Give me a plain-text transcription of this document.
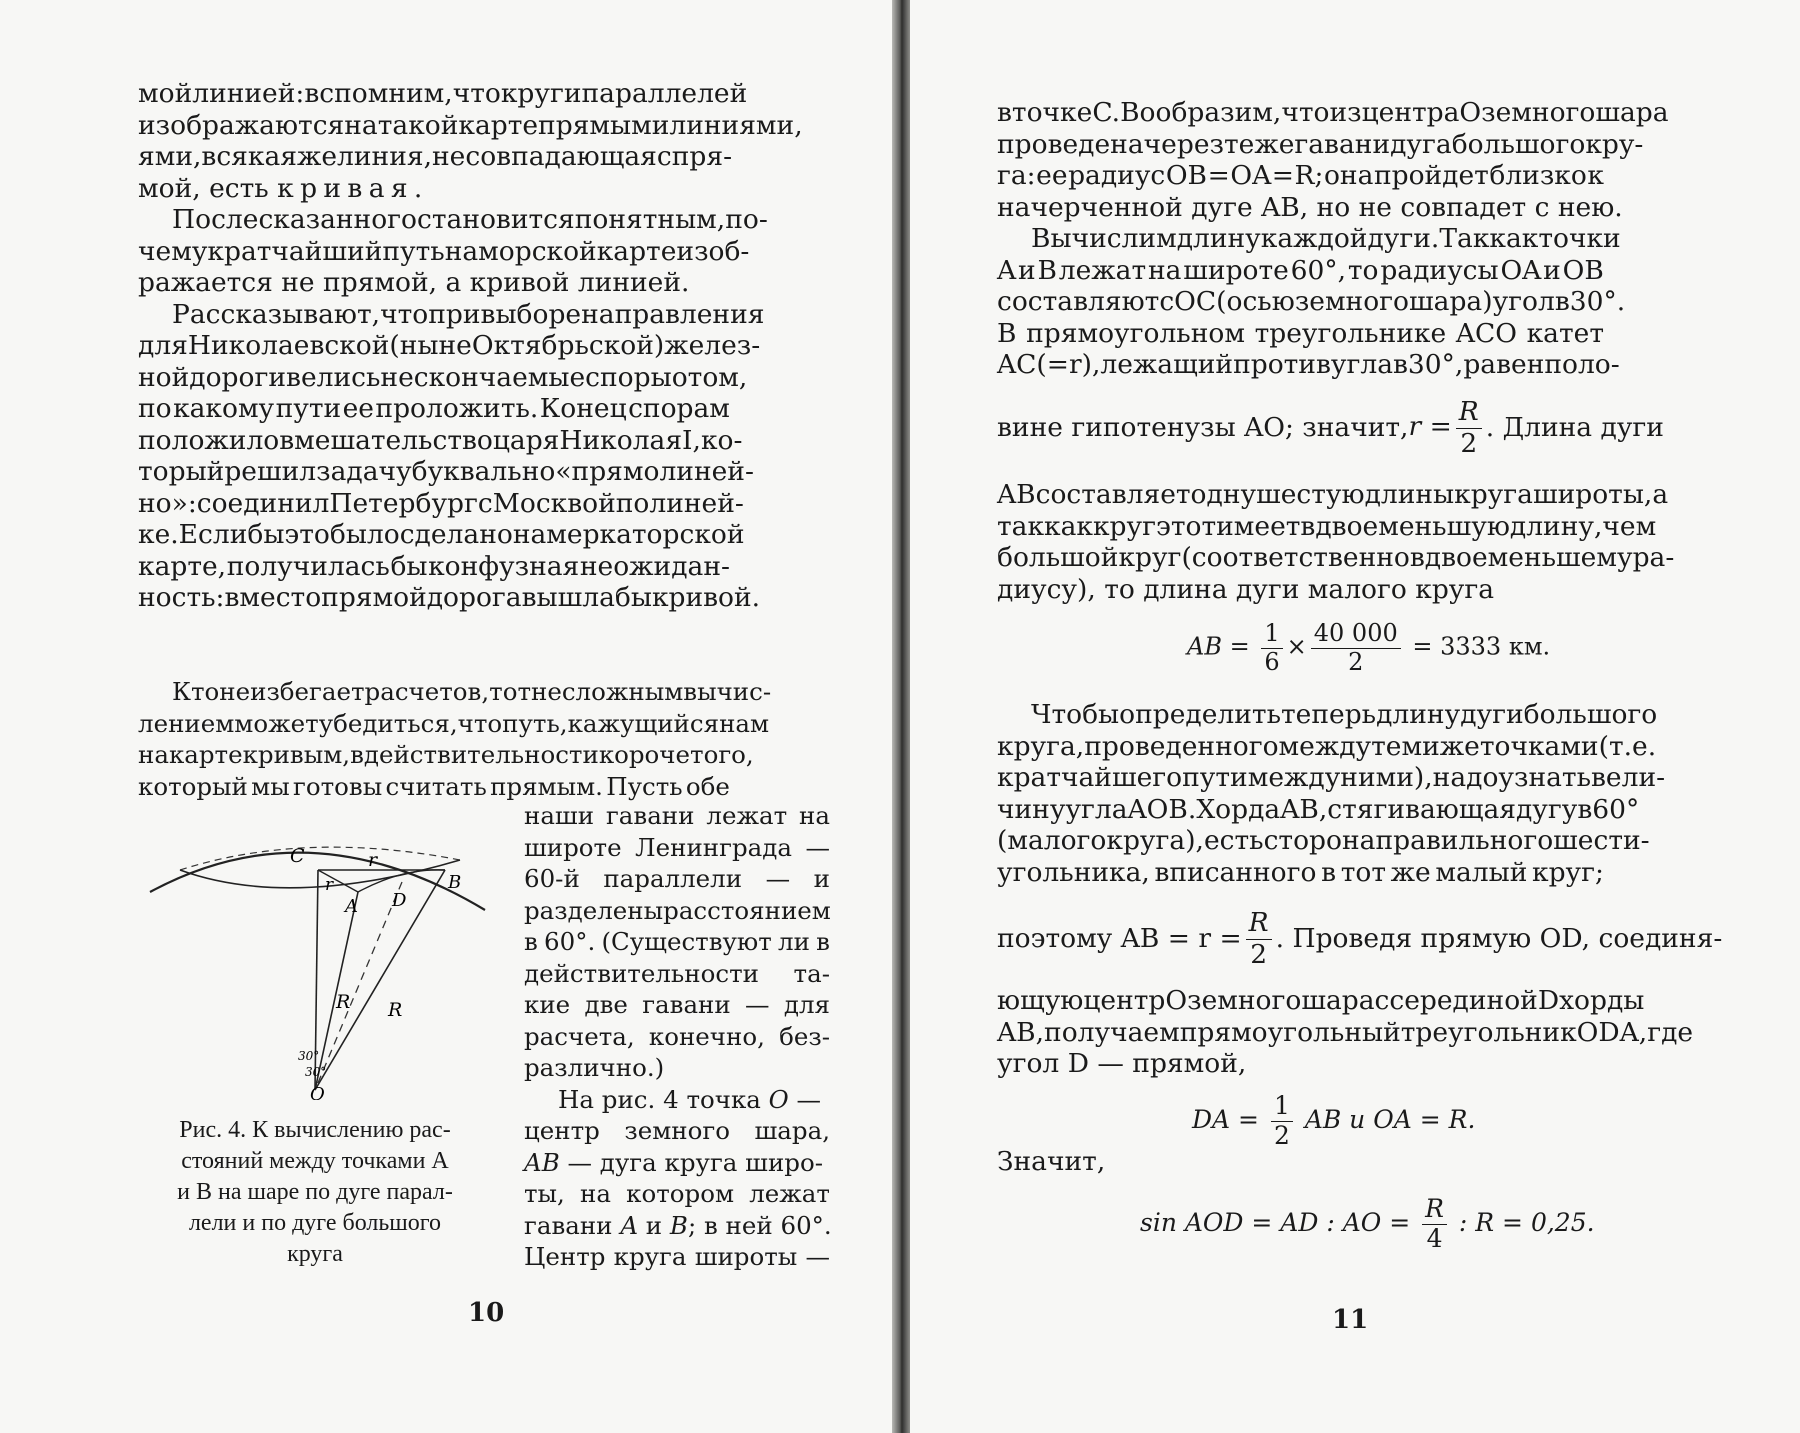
мой линией: вспомним, что круги параллелей
изображаются на такой карте прямыми линиями,
ями, всякая же линия, не совпадающая с пря-
мой, есть кривая.
После сказанного становится понятным, по-
чему кратчайший путь на морской карте изоб-
ражается не прямой, а кривой линией.
Рассказывают, что при выборе направления
для Николаевской (ныне Октябрьской) желез-
ной дороги велись нескончаемые споры о том,
по какому пути ее проложить. Конец спорам
положило вмешательство царя Николая I, ко-
торый решил задачу буквально «прямолиней-
но»: соединил Петербург с Москвой по линей-
ке. Если бы это было сделано на меркаторской
карте, получилась бы конфузная неожидан-
ность: вместо прямой дорога вышла бы кривой.
Кто не избегает расчетов, тот несложным вычис-
лением может убедиться, что путь, кажущийся нам
на карте кривым, в действительности короче того,
который мы готовы считать прямым. Пусть обе
C	r
r
A D
B
R R
30°
30°
O
Рис. 4. К вычислению рас-
стояний между точками А
и В на шаре по дуге парал-
лели и по дуге большого
круга
наши гавани лежат на
широте Ленинграда —
60-й параллели — и
разделены расстоянием
в 60°. (Существуют ли в
действительности та-
кие две гавани — для
расчета, конечно, без-
различно.)
На рис. 4 точка O —
центр земного шара,
AB — дуга круга широ-
ты, на котором лежат
гавани A и B; в ней 60°.
Центр круга широты —
10
в точке C. Вообразим, что из центра O земного шара
проведена через те же гавани дуга большого кру-
га: ее радиус OB = OA = R; она пройдет близко к
начерченной дуге AB, но не совпадет с нею.
Вычислим длину каждой дуги. Так как точки
A и B лежат на широте 60°, то радиусы OA и OB
составляют с OC (осью земного шара) угол в 30°.
В прямоугольном треугольнике ACO катет
AC (= r), лежащий против угла в 30°, равен поло-
вине гипотенузы AO; значит, $r = \frac{R}{2}$ . Длина дуги
AB составляет одну шестую длины круга широты, а
так как круг этот имеет вдвое меньшую длину, чем
большой круг (соответственно вдвое меньшему ра-
диусу), то длина дуги малого круга
AB = $\frac{1}{6} \times \frac{40 000}{2} = 3333$ км.
Чтобы определить теперь длину дуги большого
круга, проведенного между теми же точками (т. е.
кратчайшего пути между ними), надо узнать вели-
чину угла AOB. Хорда AB, стягивающая дугу в 60°
(малого круга), есть сторона правильного шести-
угольника, вписанного в тот же малый круг;
поэтому AB = $r = \frac{R}{2}$ . Проведя прямую OD, соединя-
ющую центр O земного шара с серединой D хорды
AB, получаем прямоугольный треугольник ODA, где
угол D — прямой,
DA = $\frac{1}{2}$ AB и OA = R.
Значит,
sin AOD = AD : AO = $\frac{R}{4}$ : R = 0,25.
11
